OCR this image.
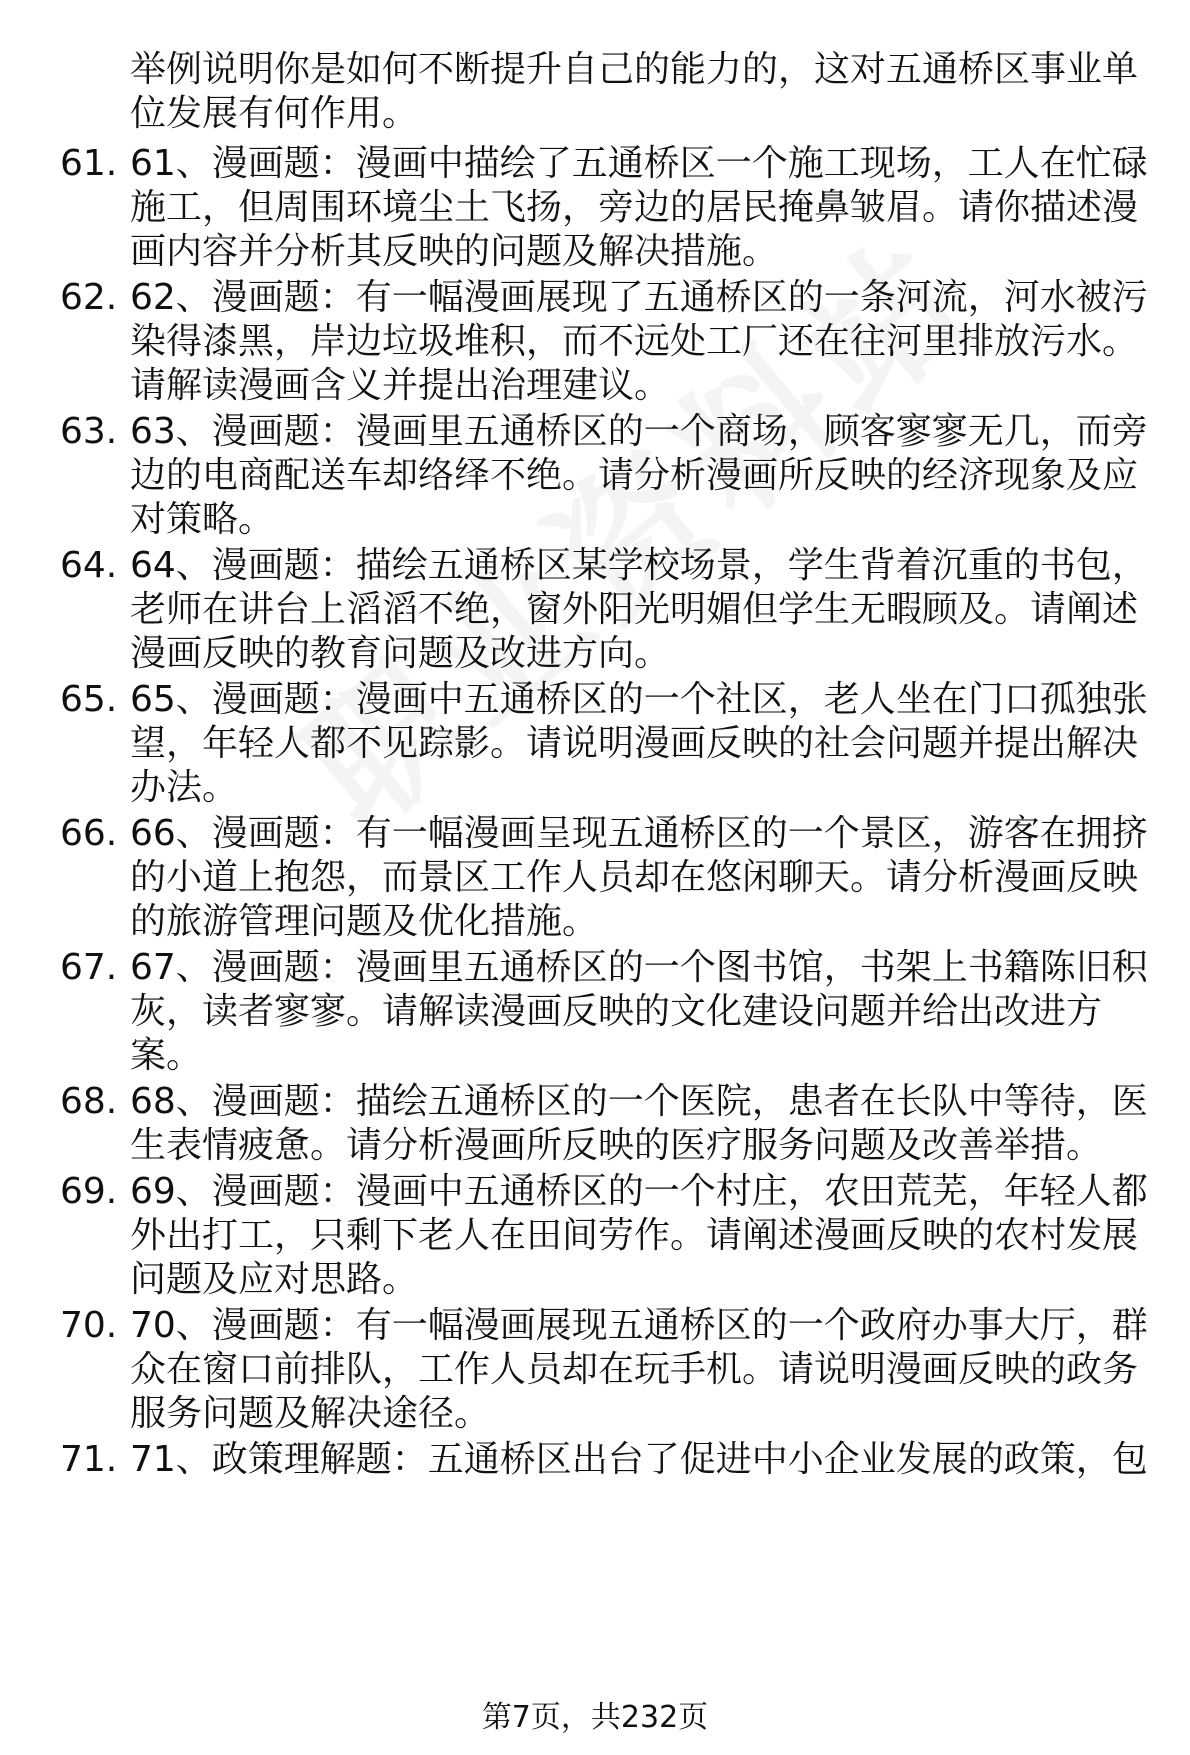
举例说明你是如何不断提升自己的能力的，这对五通桥区事业单位发展有何作用。
61. 61、漫画题：漫画中描绘了五通桥区一个施工现场，工人在忙碌施工，但周围环境尘土飞扬，旁边的居民掩鼻皱眉。请你描述漫画内容并分析其反映的问题及解决措施。
62. 62、漫画题：有一幅漫画展现了五通桥区的一条河流，河水被污染得漆黑，岸边垃圾堆积，而不远处工厂还在往河里排放污水。请解读漫画含义并提出治理建议。
63. 63、漫画题：漫画里五通桥区的一个商场，顾客寥寥无几，而旁边的电商配送车却络绎不绝。请分析漫画所反映的经济现象及应对策略。
64. 64、漫画题：描绘五通桥区某学校场景，学生背着沉重的书包，老师在讲台上滔滔不绝，窗外阳光明媚但学生无暇顾及。请阐述漫画反映的教育问题及改进方向。
65. 65、漫画题：漫画中五通桥区的一个社区，老人坐在门口孤独张望，年轻人都不见踪影。请说明漫画反映的社会问题并提出解决办法。
66. 66、漫画题：有一幅漫画呈现五通桥区的一个景区，游客在拥挤的小道上抱怨，而景区工作人员却在悠闲聊天。请分析漫画反映的旅游管理问题及优化措施。
67. 67、漫画题：漫画里五通桥区的一个图书馆，书架上书籍陈旧积灰，读者寥寥。请解读漫画反映的文化建设问题并给出改进方案。
68. 68、漫画题：描绘五通桥区的一个医院，患者在长队中等待，医生表情疲惫。请分析漫画所反映的医疗服务问题及改善举措。
69. 69、漫画题：漫画中五通桥区的一个村庄，农田荒芜，年轻人都外出打工，只剩下老人在田间劳作。请阐述漫画反映的农村发展问题及应对思路。
70. 70、漫画题：有一幅漫画展现五通桥区的一个政府办事大厅，群众在窗口前排队，工作人员却在玩手机。请说明漫画反映的政务服务问题及解决途径。
71. 71、政策理解题：五通桥区出台了促进中小企业发展的政策，包
第7页，共232页
